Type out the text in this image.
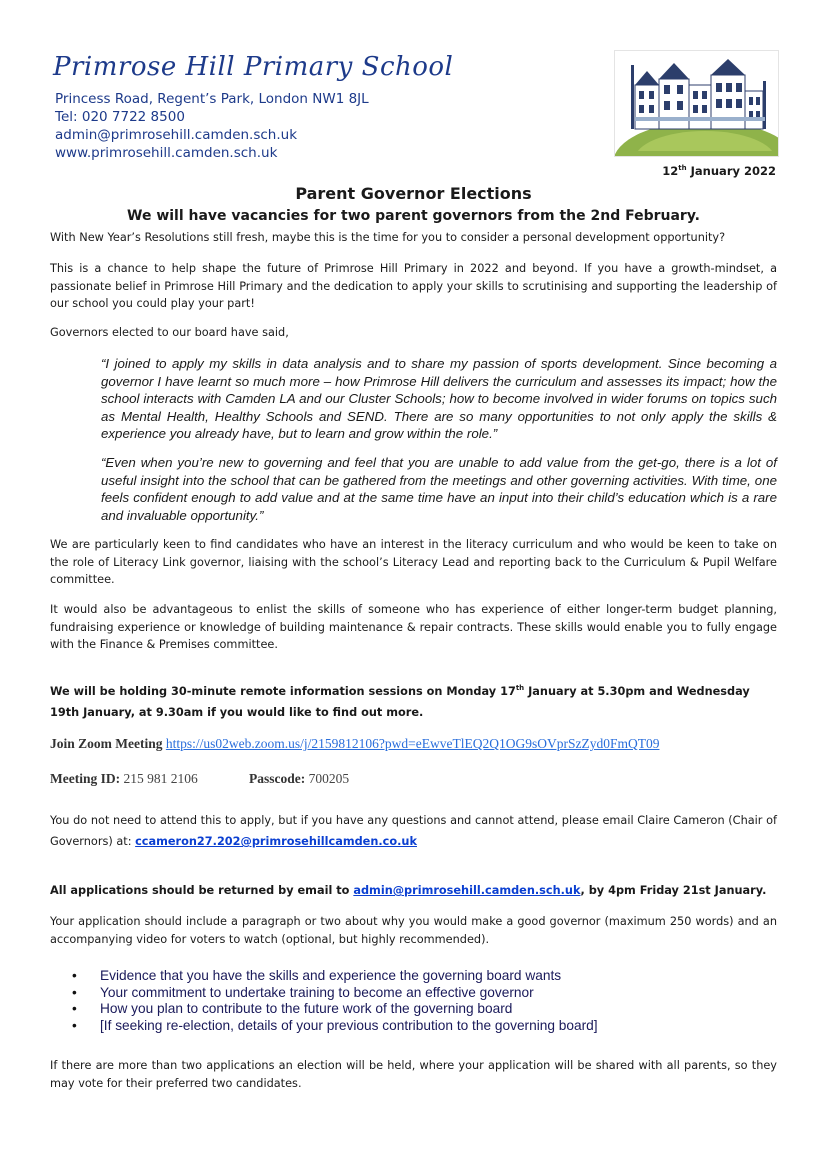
Primrose Hill Primary School
Princess Road, Regent’s Park, London NW1 8JL
Tel: 020 7722 8500
admin@primrosehill.camden.sch.uk
www.primrosehill.camden.sch.uk
12th January 2022
Parent Governor Elections
We will have vacancies for two parent governors from the 2nd February.

With New Year’s Resolutions still fresh, maybe this is the time for you to consider a personal development opportunity?

This is a chance to help shape the future of Primrose Hill Primary in 2022 and beyond. If you have a growth-mindset, a passionate belief in Primrose Hill Primary and the dedication to apply your skills to scrutinising and supporting the leadership of our school you could play your part!

Governors elected to our board have said,

“I joined to apply my skills in data analysis and to share my passion of sports development. Since becoming a governor I have learnt so much more – how Primrose Hill delivers the curriculum and assesses its impact; how the school interacts with Camden LA and our Cluster Schools; how to become involved in wider forums on topics such as Mental Health, Healthy Schools and SEND. There are so many opportunities to not only apply the skills & experience you already have, but to learn and grow within the role.”

“Even when you’re new to governing and feel that you are unable to add value from the get-go, there is a lot of useful insight into the school that can be gathered from the meetings and other governing activities. With time, one feels confident enough to add value and at the same time have an input into their child’s education which is a rare and invaluable opportunity.”

We are particularly keen to find candidates who have an interest in the literacy curriculum and who would be keen to take on the role of Literacy Link governor, liaising with the school’s Literacy Lead and reporting back to the Curriculum & Pupil Welfare committee.

It would also be advantageous to enlist the skills of someone who has experience of either longer-term budget planning, fundraising experience or knowledge of building maintenance & repair contracts. These skills would enable you to fully engage with the Finance & Premises committee.

We will be holding 30-minute remote information sessions on Monday 17th January at 5.30pm and Wednesday 19th January, at 9.30am if you would like to find out more.

Join Zoom Meeting https://us02web.zoom.us/j/2159812106?pwd=eEwveTlEQ2Q1OG9sOVprSzZyd0FmQT09
Meeting ID: 215 981 2106	Passcode: 700205

You do not need to attend this to apply, but if you have any questions and cannot attend, please email Claire Cameron (Chair of Governors) at: ccameron27.202@primrosehillcamden.co.uk

All applications should be returned by email to admin@primrosehill.camden.sch.uk, by 4pm Friday 21st January.

Your application should include a paragraph or two about why you would make a good governor (maximum 250 words) and an accompanying video for voters to watch (optional, but highly recommended).

• Evidence that you have the skills and experience the governing board wants
• Your commitment to undertake training to become an effective governor
• How you plan to contribute to the future work of the governing board
• [If seeking re-election, details of your previous contribution to the governing board]

If there are more than two applications an election will be held, where your application will be shared with all parents, so they may vote for their preferred two candidates.
